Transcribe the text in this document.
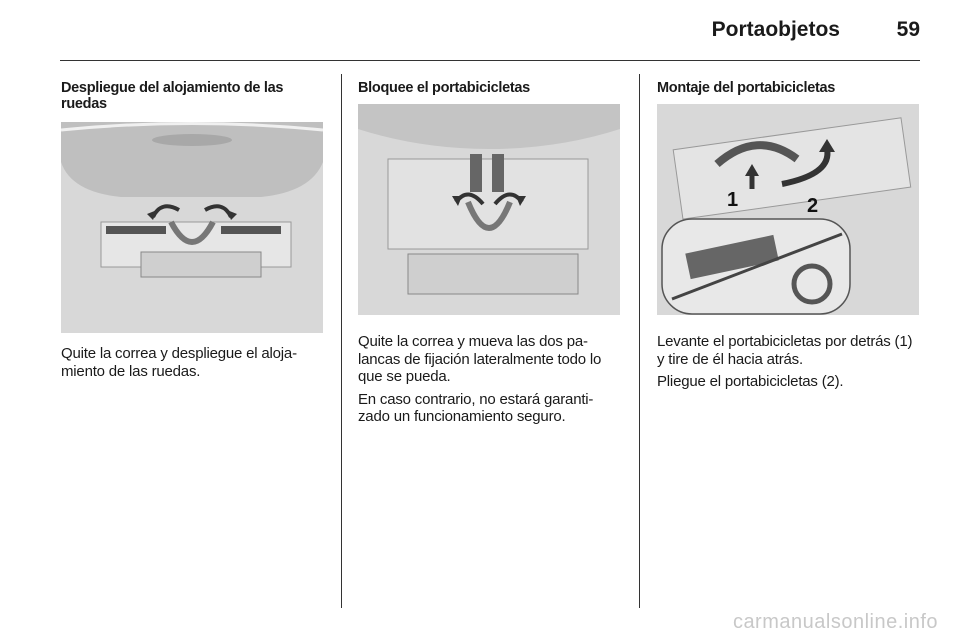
Portaobjetos	59
Despliegue del alojamiento de las ruedas

Quite la correa y despliegue el aloja-miento de las ruedas.

Bloquee el portabicicletas

Quite la correa y mueva las dos pa-lancas de fijación lateralmente todo lo que se pueda.

En caso contrario, no estará garanti-zado un funcionamiento seguro.

Montaje del portabicicletas
1	2

Levante el portabicicletas por detrás (1) y tire de él hacia atrás.

Pliegue el portabicicletas (2).

carmanualsonline.info
